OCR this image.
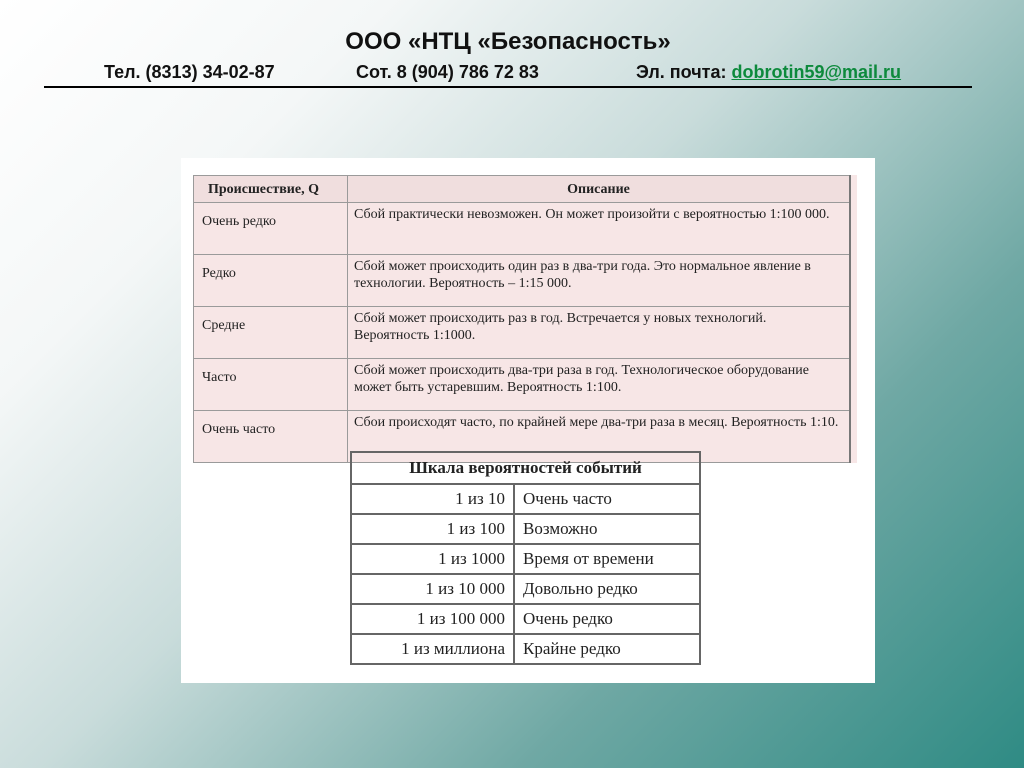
ООО «НТЦ «Безопасность»
Тел. (8313) 34-02-87	Сот. 8 (904) 786 72 83	Эл. почта: dobrotin59@mail.ru
Происшествие, Q	Описание	
Очень редко	Сбой практически невозможен. Он может произойти с вероятностью 1:100 000.	
Редко	Сбой может происходить один раз в два-три года. Это нормальное явление в технологии. Вероятность – 1:15 000.	
Средне	Сбой может происходить раз в год. Встречается у новых технологий. Вероятность 1:1000.	
Часто	Сбой может происходить два-три раза в год. Технологическое оборудование может быть устаревшим. Вероятность 1:100.	
Очень часто	Сбои происходят часто, по крайней мере два-три раза в месяц. Вероятность 1:10.	
Шкала вероятностей событий	
1 из 10	Очень часто
1 из 100	Возможно
1 из 1000	Время от времени
1 из 10 000	Довольно редко
1 из 100 000	Очень редко
1 из миллиона	Крайне редко
